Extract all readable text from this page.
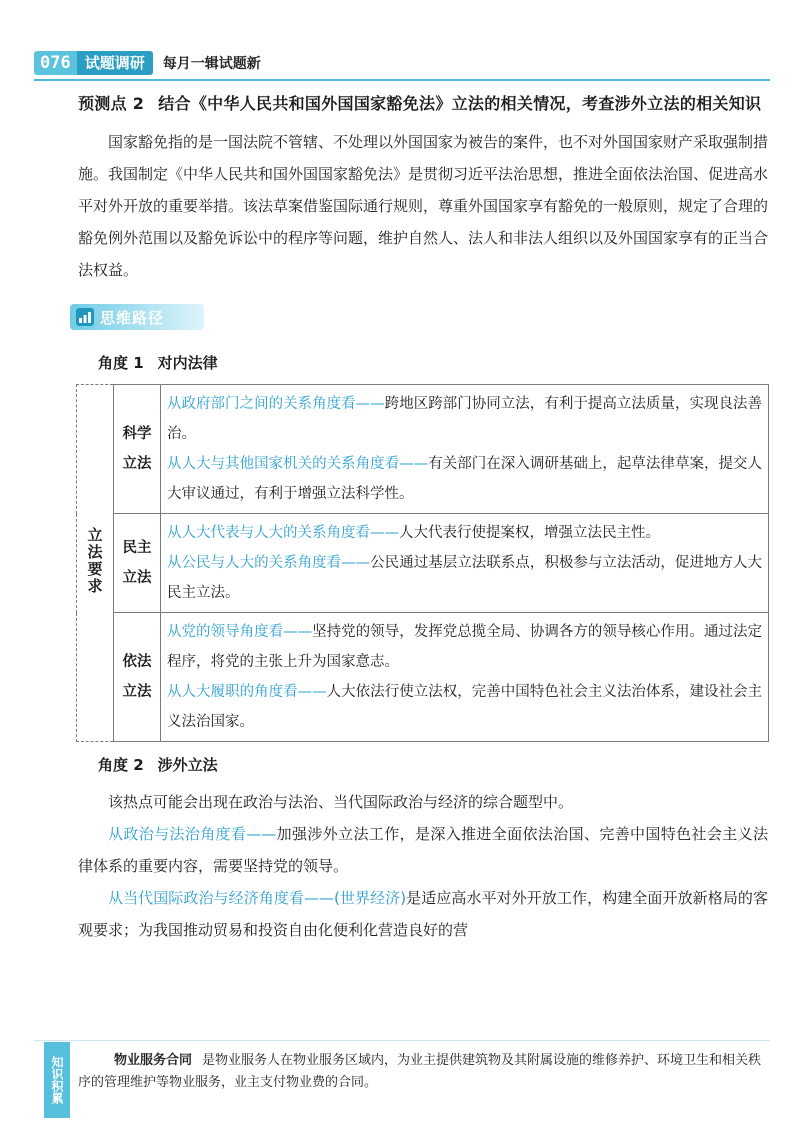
076 试题调研	每月一辑试题新
预测点 2 结合《中华人民共和国外国国家豁免法》立法的相关情况，考查涉外立法的相关知识

国家豁免指的是一国法院不管辖、不处理以外国国家为被告的案件，也不对外国国家财产采取强制措施。我国制定《中华人民共和国外国国家豁免法》是贯彻习近平法治思想，推进全面依法治国、促进高水平对外开放的重要举措。该法草案借鉴国际通行规则，尊重外国国家享有豁免的一般原则，规定了合理的豁免例外范围以及豁免诉讼中的程序等问题，维护自然人、法人和非法人组织以及外国国家享有的正当合法权益。

思维路径
角度 1 对内法律
立法要求	科学立法	从政府部门之间的关系角度看——跨地区跨部门协同立法，有利于提高立法质量，实现良法善治。
从人大与其他国家机关的关系角度看——有关部门在深入调研基础上，起草法律草案，提交人大审议通过，有利于增强立法科学性。
	民主立法	从人大代表与人大的关系角度看——人大代表行使提案权，增强立法民主性。
从公民与人大的关系角度看——公民通过基层立法联系点，积极参与立法活动，促进地方人大民主立法。
	依法立法	从党的领导角度看——坚持党的领导，发挥党总揽全局、协调各方的领导核心作用。通过法定程序，将党的主张上升为国家意志。
从人大履职的角度看——人大依法行使立法权，完善中国特色社会主义法治体系，建设社会主义法治国家。
角度 2 涉外立法

该热点可能会出现在政治与法治、当代国际政治与经济的综合题型中。

从政治与法治角度看——加强涉外立法工作，是深入推进全面依法治国、完善中国特色社会主义法律体系的重要内容，需要坚持党的领导。

从当代国际政治与经济角度看——(世界经济)是适应高水平对外开放工作，构建全面开放新格局的客观要求；为我国推动贸易和投资自由化便利化营造良好的营

知识积累	物业服务合同 是物业服务人在物业服务区域内，为业主提供建筑物及其附属设施的维修养护、环境卫生和相关秩序的管理维护等物业服务，业主支付物业费的合同。
